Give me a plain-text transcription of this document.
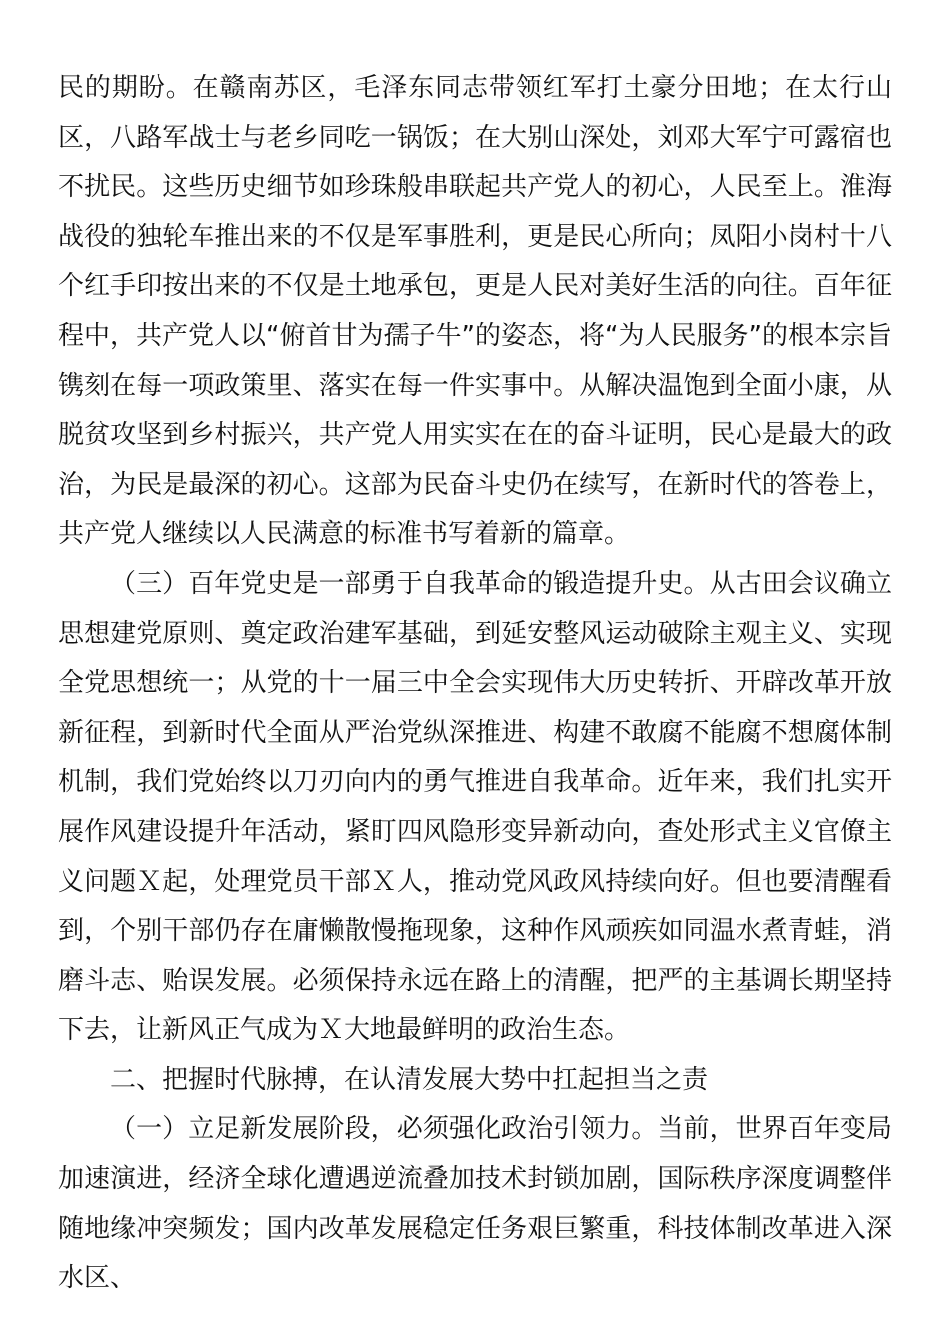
民的期盼。在赣南苏区，毛泽东同志带领红军打土豪分田地；在太行山区，八路军战士与老乡同吃一锅饭；在大别山深处，刘邓大军宁可露宿也不扰民。这些历史细节如珍珠般串联起共产党人的初心，人民至上。淮海战役的独轮车推出来的不仅是军事胜利，更是民心所向；凤阳小岗村十八个红手印按出来的不仅是土地承包，更是人民对美好生活的向往。百年征程中，共产党人以“俯首甘为孺子牛”的姿态，将“为人民服务”的根本宗旨镌刻在每一项政策里、落实在每一件实事中。从解决温饱到全面小康，从脱贫攻坚到乡村振兴，共产党人用实实在在的奋斗证明，民心是最大的政治，为民是最深的初心。这部为民奋斗史仍在续写，在新时代的答卷上，共产党人继续以人民满意的标准书写着新的篇章。

（三）百年党史是一部勇于自我革命的锻造提升史。从古田会议确立思想建党原则、奠定政治建军基础，到延安整风运动破除主观主义、实现全党思想统一；从党的十一届三中全会实现伟大历史转折、开辟改革开放新征程，到新时代全面从严治党纵深推进、构建不敢腐不能腐不想腐体制机制，我们党始终以刀刃向内的勇气推进自我革命。近年来，我们扎实开展作风建设提升年活动，紧盯四风隐形变异新动向，查处形式主义官僚主义问题Ｘ起，处理党员干部Ｘ人，推动党风政风持续向好。但也要清醒看到，个别干部仍存在庸懒散慢拖现象，这种作风顽疾如同温水煮青蛙，消磨斗志、贻误发展。必须保持永远在路上的清醒，把严的主基调长期坚持下去，让新风正气成为Ｘ大地最鲜明的政治生态。

二、把握时代脉搏，在认清发展大势中扛起担当之责

（一）立足新发展阶段，必须强化政治引领力。当前，世界百年变局加速演进，经济全球化遭遇逆流叠加技术封锁加剧，国际秩序深度调整伴随地缘冲突频发；国内改革发展稳定任务艰巨繁重，科技体制改革进入深水区、
